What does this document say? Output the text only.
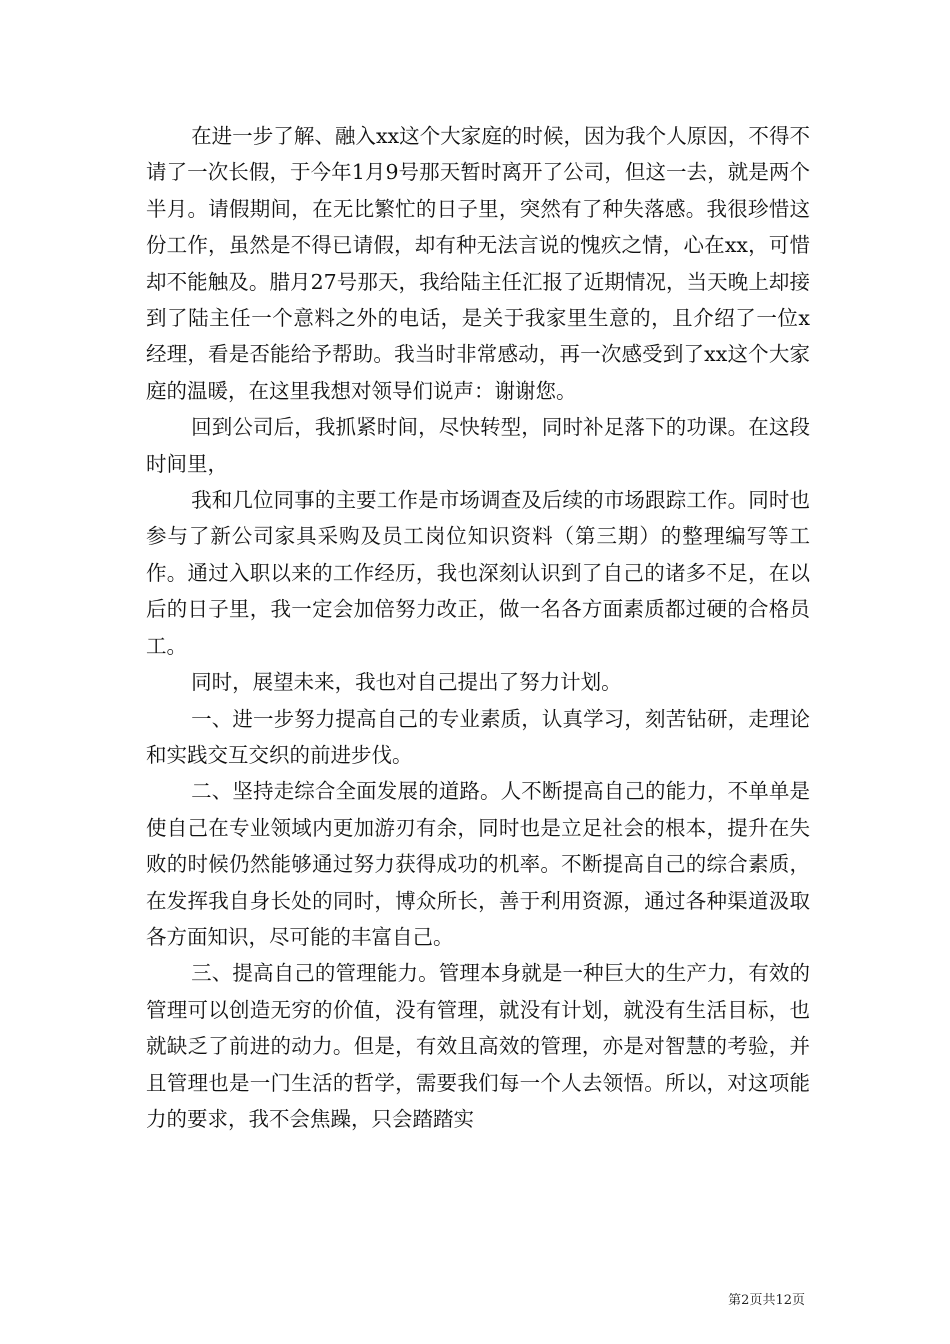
在进一步了解、融入xx这个大家庭的时候，因为我个人原因，不得不请了一次长假，于今年1月9号那天暂时离开了公司，但这一去，就是两个半月。请假期间，在无比繁忙的日子里，突然有了种失落感。我很珍惜这份工作，虽然是不得已请假，却有种无法言说的愧疚之情，心在xx，可惜却不能触及。腊月27号那天，我给陆主任汇报了近期情况，当天晚上却接到了陆主任一个意料之外的电话，是关于我家里生意的，且介绍了一位x经理，看是否能给予帮助。我当时非常感动，再一次感受到了xx这个大家庭的温暖，在这里我想对领导们说声：谢谢您。

回到公司后，我抓紧时间，尽快转型，同时补足落下的功课。在这段时间里，

我和几位同事的主要工作是市场调查及后续的市场跟踪工作。同时也参与了新公司家具采购及员工岗位知识资料（第三期）的整理编写等工作。通过入职以来的工作经历，我也深刻认识到了自己的诸多不足，在以后的日子里，我一定会加倍努力改正，做一名各方面素质都过硬的合格员工。

同时，展望未来，我也对自己提出了努力计划。

一、进一步努力提高自己的专业素质，认真学习，刻苦钻研，走理论和实践交互交织的前进步伐。

二、坚持走综合全面发展的道路。人不断提高自己的能力，不单单是使自己在专业领域内更加游刃有余，同时也是立足社会的根本，提升在失败的时候仍然能够通过努力获得成功的机率。不断提高自己的综合素质，在发挥我自身长处的同时，博众所长，善于利用资源，通过各种渠道汲取各方面知识，尽可能的丰富自己。

三、提高自己的管理能力。管理本身就是一种巨大的生产力，有效的管理可以创造无穷的价值，没有管理，就没有计划，就没有生活目标，也就缺乏了前进的动力。但是，有效且高效的管理，亦是对智慧的考验，并且管理也是一门生活的哲学，需要我们每一个人去领悟。所以，对这项能力的要求，我不会焦躁，只会踏踏实

第2页共12页
